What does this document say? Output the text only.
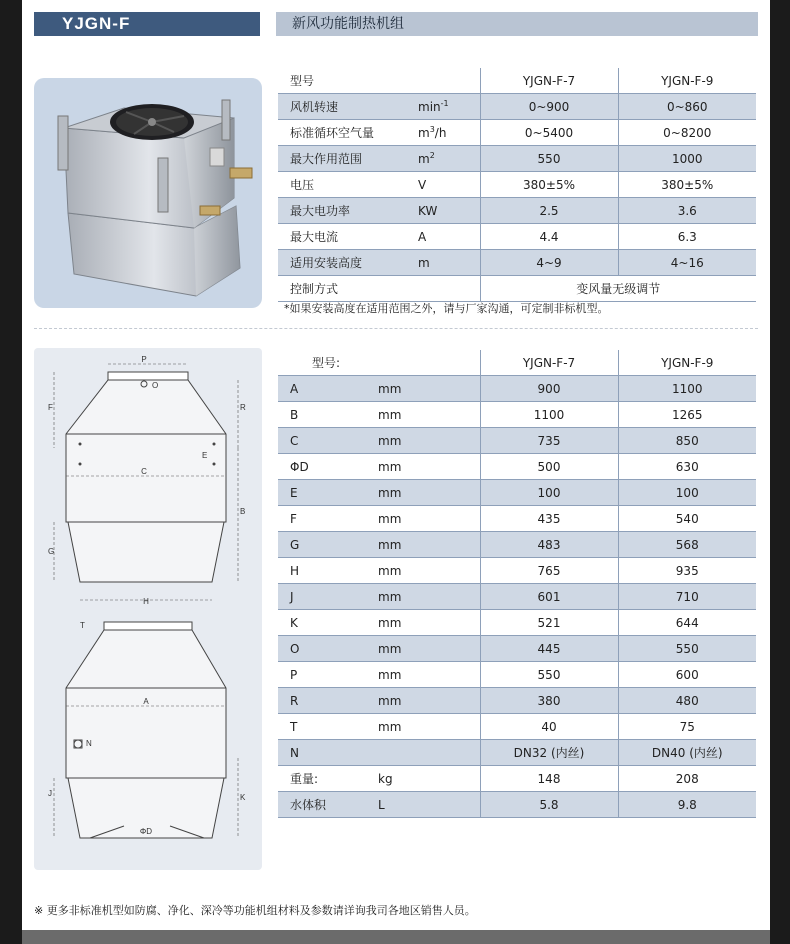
YJGN-F	新风功能制热机组
型号		YJGN-F-7	YJGN-F-9
风机转速	$\min^{-1}$	0~900	0~860
标准循环空气量	$m^3/h$	0~5400	0~8200
最大作用范围	$m^2$	550	1000
电压	V	380±5%	380±5%
最大电功率	KW	2.5	3.6
最大电流	A	4.4	6.3
适用安装高度	m	4~9	4~16
控制方式		变风量无级调节	
*如果安装高度在适用范围之外，请与厂家沟通，可定制非标机型。
P
O
F	R
E
C
B
G
H
T
A
N
J	K
ΦD
型号:		YJGN-F-7	YJGN-F-9
A	mm	900	1100
B	mm	1100	1265
C	mm	735	850
ΦD	mm	500	630
E	mm	100	100
F	mm	435	540
G	mm	483	568
H	mm	765	935
J	mm	601	710
K	mm	521	644
O	mm	445	550
P	mm	550	600
R	mm	380	480
T	mm	40	75
N		DN32 (内丝)	DN40 (内丝)
重量:	kg	148	208
水体积	L	5.8	9.8
※ 更多非标准机型如防腐、净化、深冷等功能机组材料及参数请详询我司各地区销售人员。
